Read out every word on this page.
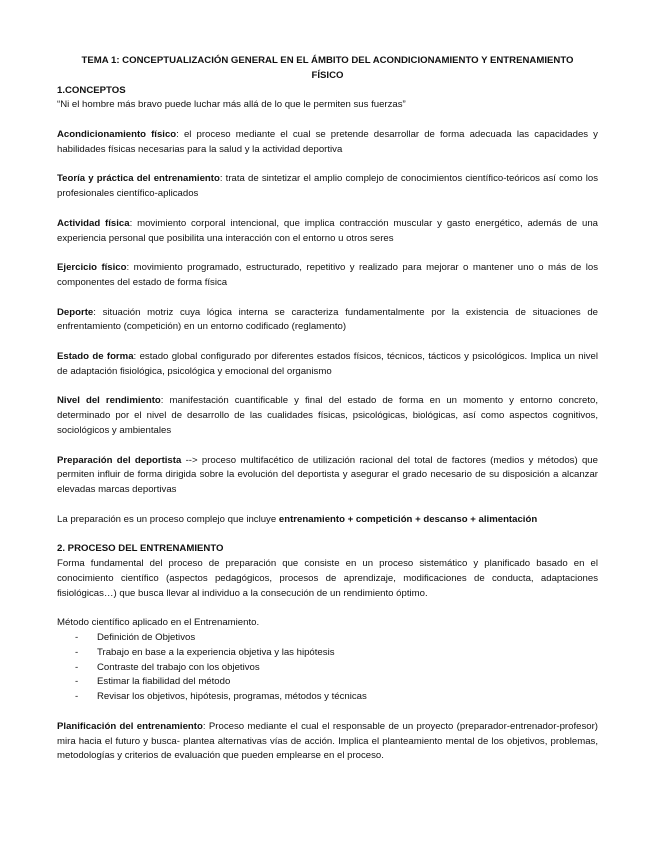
TEMA 1: CONCEPTUALIZACIÓN GENERAL EN EL ÁMBITO DEL ACONDICIONAMIENTO Y ENTRENAMIENTO
FÍSICO

1.CONCEPTOS

“Ni el hombre más bravo puede luchar más allá de lo que le permiten sus fuerzas”

Acondicionamiento físico: el proceso mediante el cual se pretende desarrollar de forma adecuada las capacidades y habilidades físicas necesarias para la salud y la actividad deportiva

Teoría y práctica del entrenamiento: trata de sintetizar el amplio complejo de conocimientos científico-teóricos así como los profesionales científico-aplicados

Actividad física: movimiento corporal intencional, que implica contracción muscular y gasto energético, además de una experiencia personal que posibilita una interacción con el entorno u otros seres

Ejercicio físico: movimiento programado, estructurado, repetitivo y realizado para mejorar o mantener uno o más de los componentes del estado de forma física

Deporte: situación motriz cuya lógica interna se caracteriza fundamentalmente por la existencia de situaciones de enfrentamiento (competición) en un entorno codificado (reglamento)

Estado de forma: estado global configurado por diferentes estados físicos, técnicos, tácticos y psicológicos. Implica un nivel de adaptación fisiológica, psicológica y emocional del organismo

Nivel del rendimiento: manifestación cuantificable y final del estado de forma en un momento y entorno concreto, determinado por el nivel de desarrollo de las cualidades físicas, psicológicas, biológicas, así como aspectos cognitivos, sociológicos y ambientales

Preparación del deportista --> proceso multifacético de utilización racional del total de factores (medios y métodos) que permiten influir de forma dirigida sobre la evolución del deportista y asegurar el grado necesario de su disposición a alcanzar elevadas marcas deportivas

La preparación es un proceso complejo que incluye entrenamiento + competición + descanso + alimentación

2. PROCESO DEL ENTRENAMIENTO

Forma fundamental del proceso de preparación que consiste en un proceso sistemático y planificado basado en el conocimiento científico (aspectos pedagógicos, procesos de aprendizaje, modificaciones de conducta, adaptaciones fisiológicas…) que busca llevar al individuo a la consecución de un rendimiento óptimo.

Método científico aplicado en el Entrenamiento.

- Definición de Objetivos
- Trabajo en base a la experiencia objetiva y las hipótesis
- Contraste del trabajo con los objetivos
- Estimar la fiabilidad del método
- Revisar los objetivos, hipótesis, programas, métodos y técnicas

Planificación del entrenamiento: Proceso mediante el cual el responsable de un proyecto (preparador-entrenador-profesor) mira hacia el futuro y busca- plantea alternativas vías de acción. Implica el planteamiento mental de los objetivos, problemas, metodologías y criterios de evaluación que pueden emplearse en el proceso.
